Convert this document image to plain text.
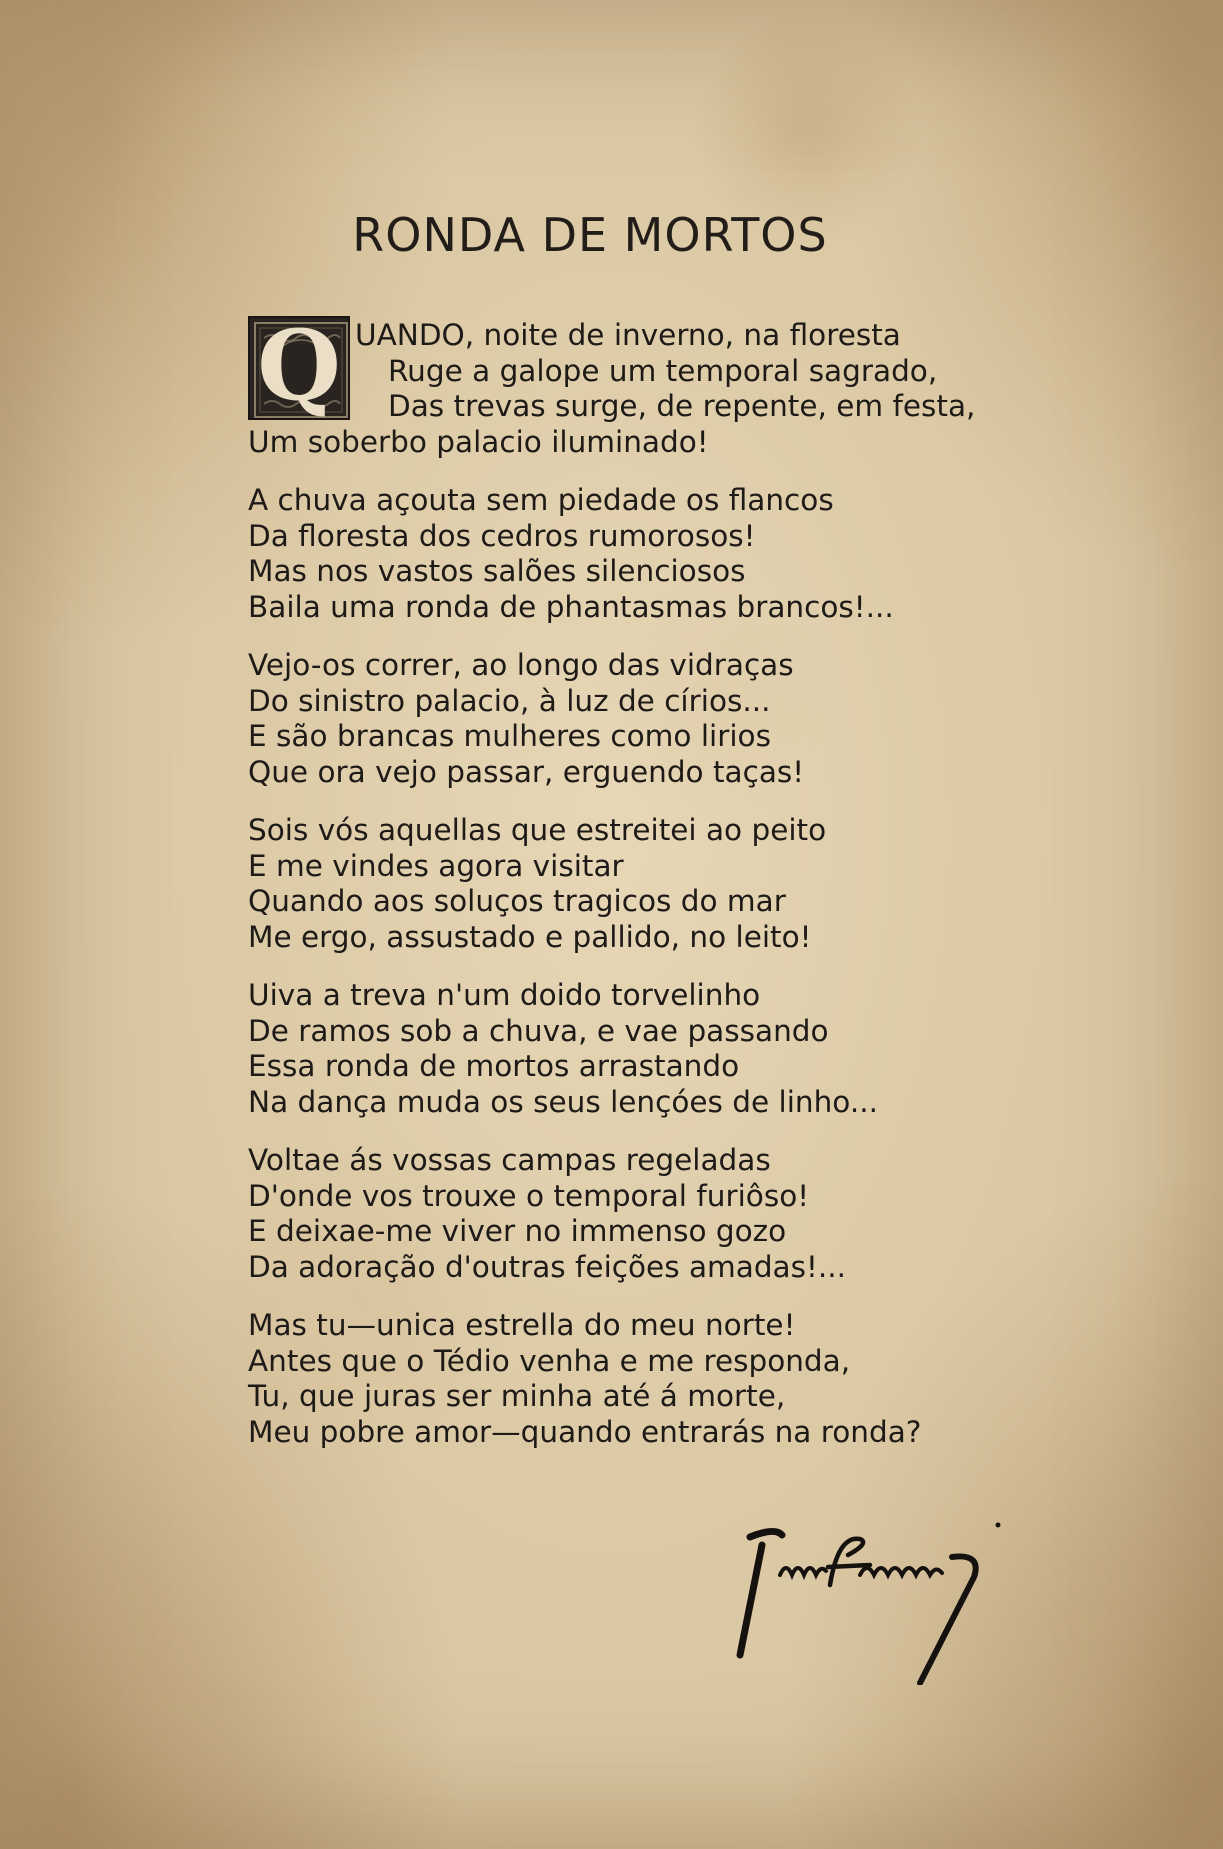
RONDA DE MORTOS
Q UANDO, noite de inverno, na floresta
Ruge a galope um temporal sagrado,
Das trevas surge, de repente, em festa,
Um soberbo palacio iluminado!
A chuva açouta sem piedade os flancos
Da floresta dos cedros rumorosos!
Mas nos vastos salões silenciosos
Baila uma ronda de phantasmas brancos!...
Vejo-os correr, ao longo das vidraças
Do sinistro palacio, à luz de círios...
E são brancas mulheres como lirios
Que ora vejo passar, erguendo taças!
Sois vós aquellas que estreitei ao peito
E me vindes agora visitar
Quando aos soluços tragicos do mar
Me ergo, assustado e pallido, no leito!
Uiva a treva n'um doido torvelinho
De ramos sob a chuva, e vae passando
Essa ronda de mortos arrastando
Na dança muda os seus lençóes de linho...
Voltae ás vossas campas regeladas
D'onde vos trouxe o temporal furiôso!
E deixae-me viver no immenso gozo
Da adoração d'outras feições amadas!...
Mas tu—unica estrella do meu norte!
Antes que o Tédio venha e me responda,
Tu, que juras ser minha até á morte,
Meu pobre amor—quando entrarás na ronda?
